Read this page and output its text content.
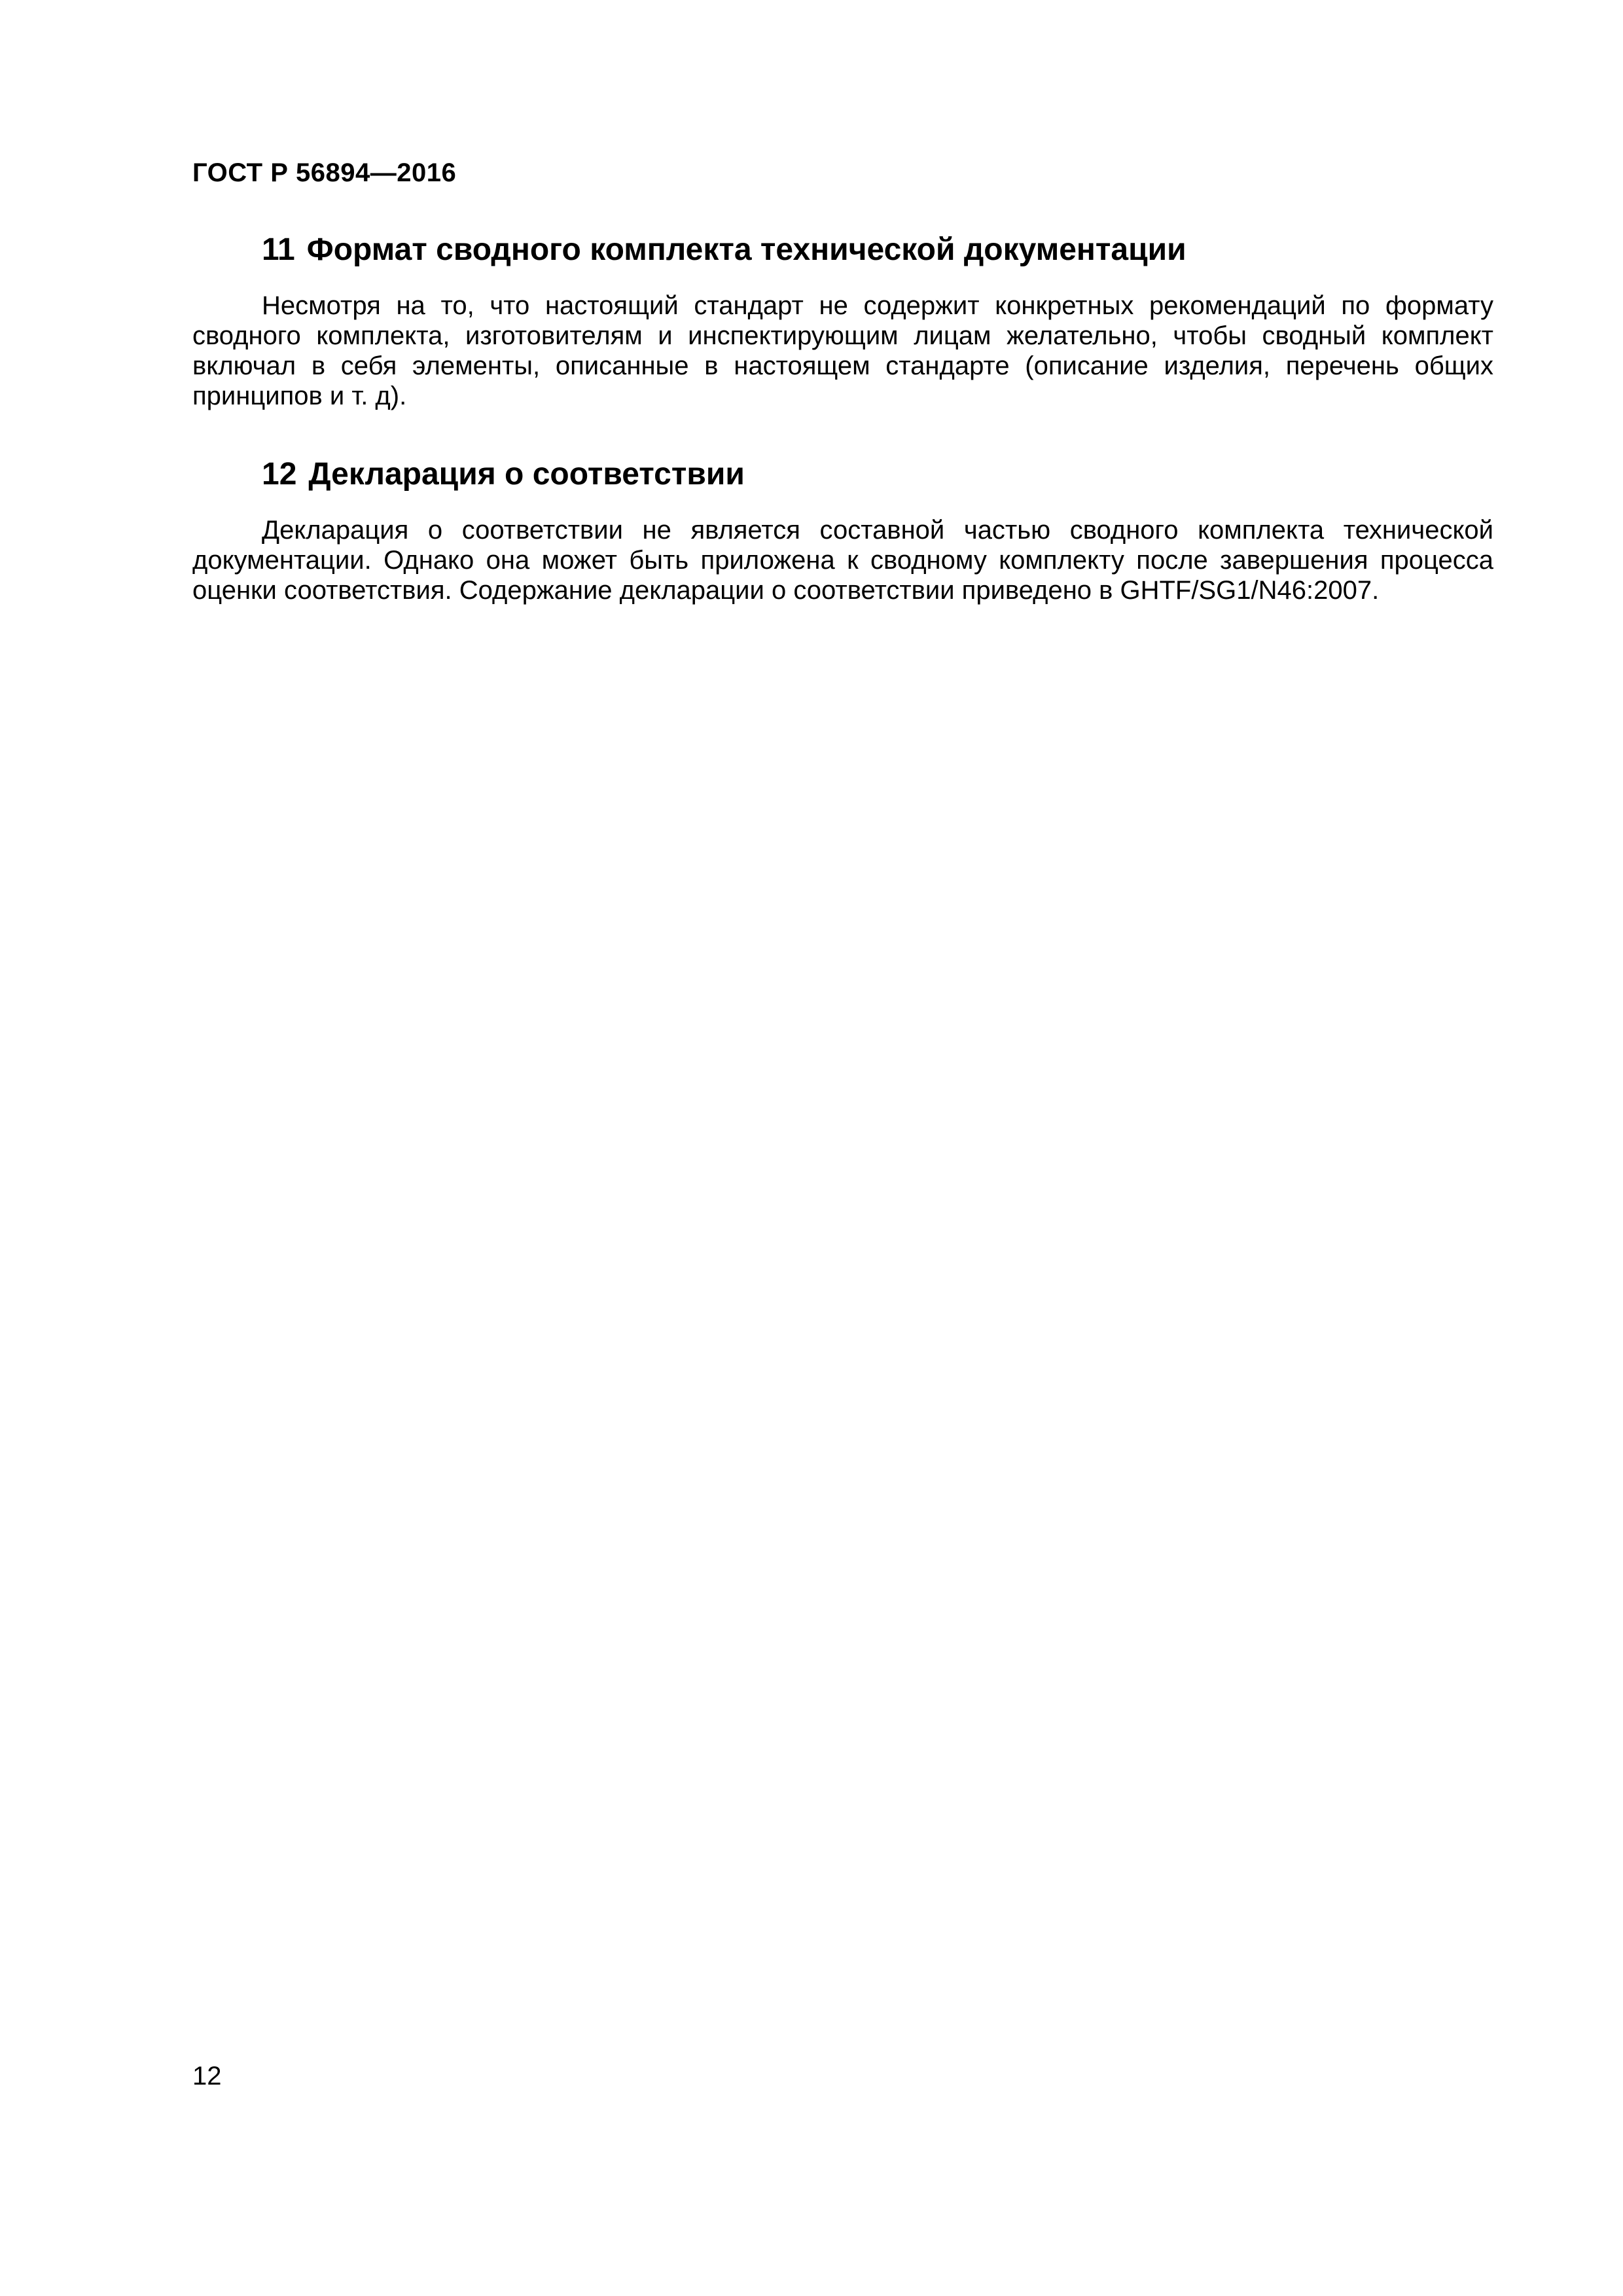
ГОСТ Р 56894—2016
11 Формат сводного комплекта технической документации

Несмотря на то, что настоящий стандарт не содержит конкретных рекомендаций по формату сводного комплекта, изготовителям и инспектирующим лицам желательно, чтобы сводный комплект включал в себя элементы, описанные в настоящем стандарте (описание изделия, перечень общих принципов и т. д).

12 Декларация о соответствии

Декларация о соответствии не является составной частью сводного комплекта технической документации. Однако она может быть приложена к сводному комплекту после завершения процесса оценки соответствия. Содержание декларации о соответствии приведено в GHTF/SG1/N46:2007.

12
